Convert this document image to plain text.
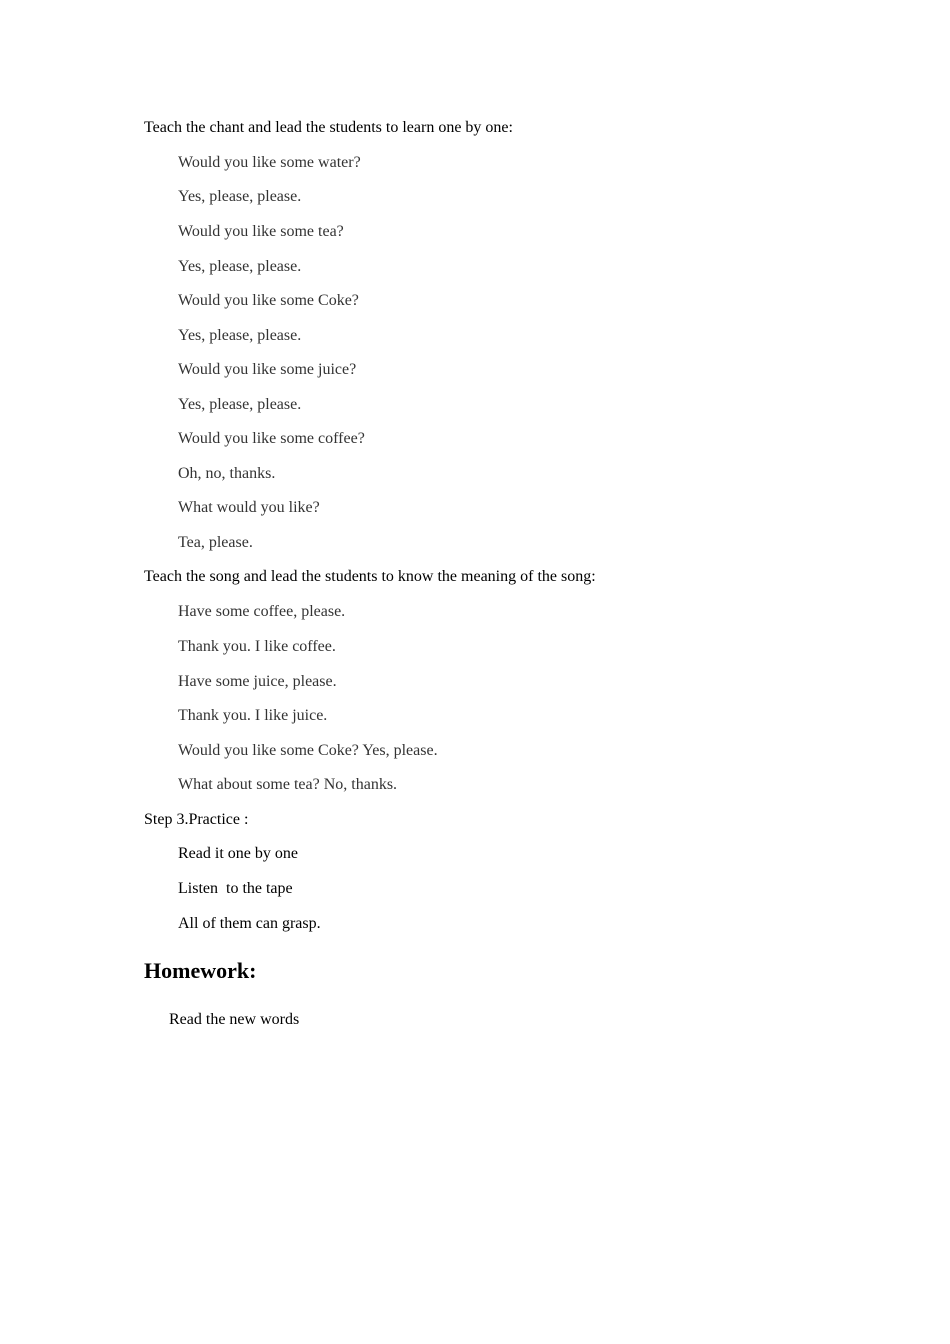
Teach the chant and lead the students to learn one by one:

Would you like some water?

Yes, please, please.

Would you like some tea?

Yes, please, please.

Would you like some Coke?

Yes, please, please.

Would you like some juice?

Yes, please, please.

Would you like some coffee?

Oh, no, thanks.

What would you like?

Tea, please.

Teach the song and lead the students to know the meaning of the song:

Have some coffee, please.

Thank you. I like coffee.

Have some juice, please.

Thank you. I like juice.

Would you like some Coke? Yes, please.

What about some tea? No, thanks.

Step 3.Practice :

Read it one by one

Listen  to the tape

All of them can grasp.

Homework:

Read the new words
